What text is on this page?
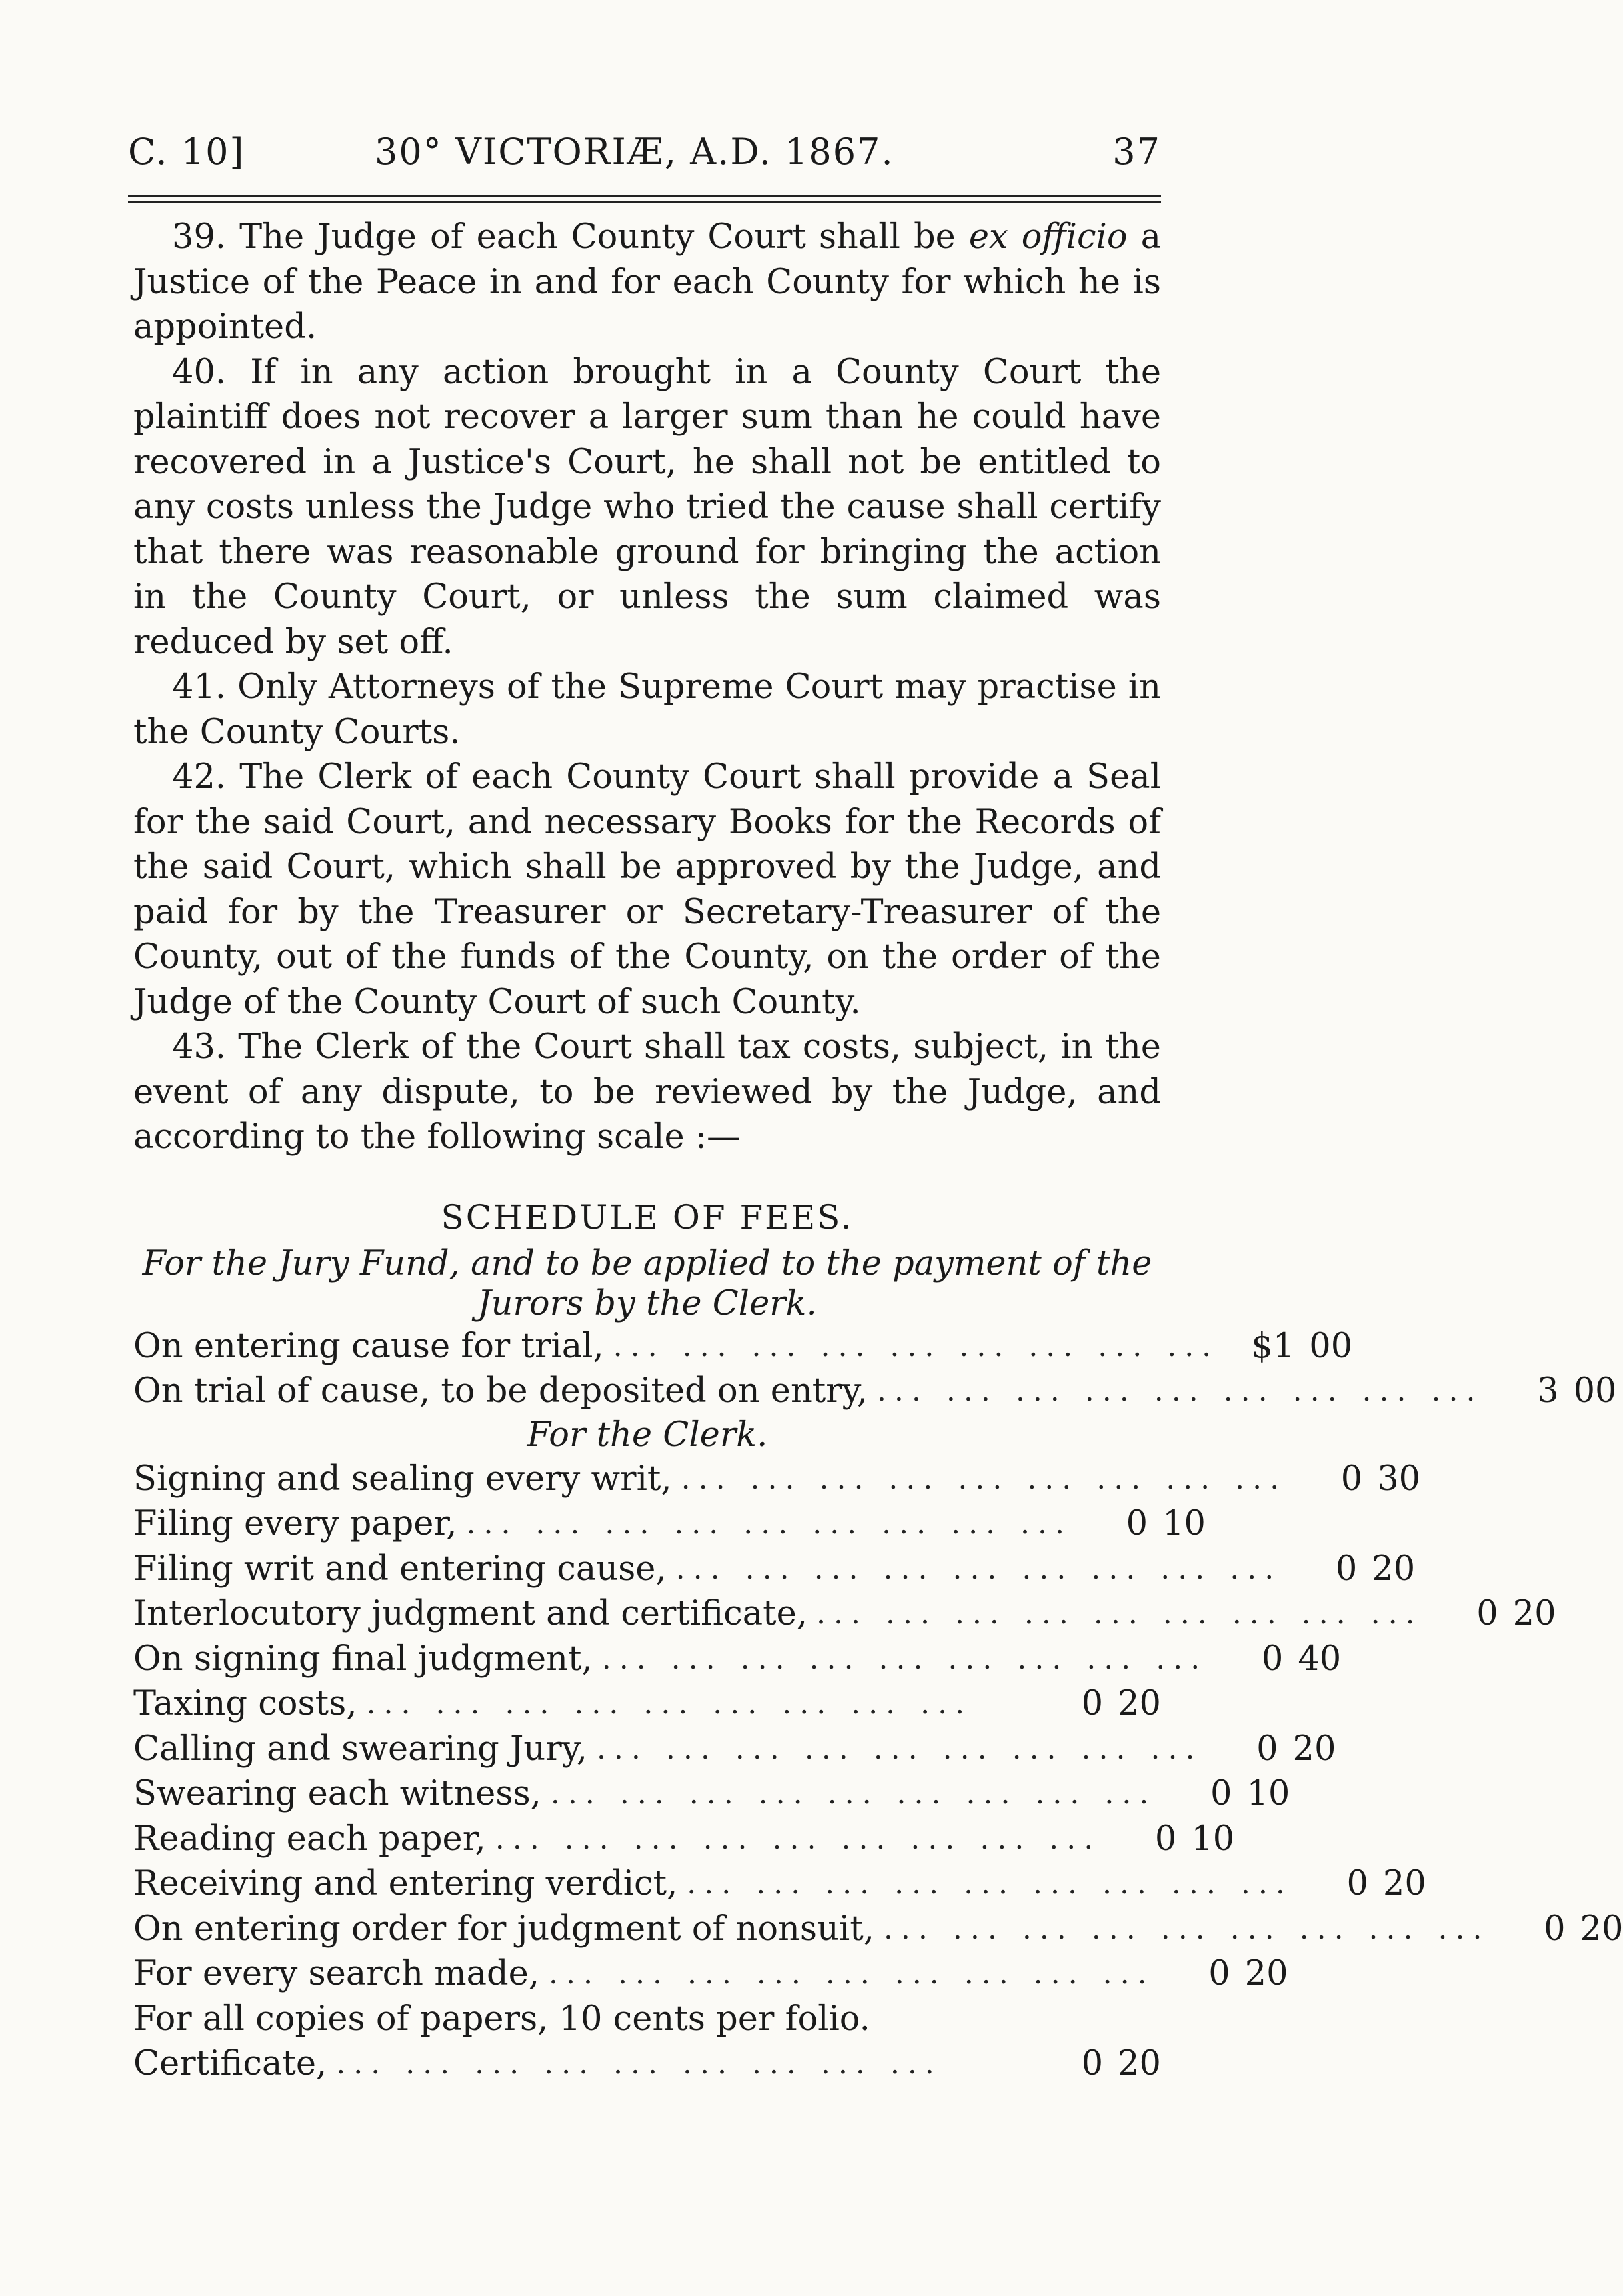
C. 10]	30° VICTORIÆ, A.D. 1867.	37

39. The Judge of each County Court shall be ex officio a Justice of the Peace in and for each County for which he is appointed.

40. If in any action brought in a County Court the plaintiff does not recover a larger sum than he could have recovered in a Justice's Court, he shall not be entitled to any costs unless the Judge who tried the cause shall certify that there was reasonable ground for bringing the action in the County Court, or unless the sum claimed was reduced by set off.

41. Only Attorneys of the Supreme Court may practise in the County Courts.

42. The Clerk of each County Court shall provide a Seal for the said Court, and necessary Books for the Records of the said Court, which shall be approved by the Judge, and paid for by the Treasurer or Secretary-Treasurer of the County, out of the funds of the County, on the order of the Judge of the County Court of such County.

43. The Clerk of the Court shall tax costs, subject, in the event of any dispute, to be reviewed by the Judge, and according to the following scale :—

SCHEDULE OF FEES.

For the Jury Fund, and to be applied to the payment of the Jurors by the Clerk.

On entering cause for trial, ... ... ... ... ... ... ... ... ... $1 00
On trial of cause, to be deposited on entry, ... ... ... ... ... ... ... ... ...	3 00
For the Clerk.
Signing and sealing every writ, ... ... ... ... ... ... ... ... ...	0 30
Filing every paper, ... ... ... ... ... ... ... ... ...	0 10
Filing writ and entering cause, ... ... ... ... ... ... ... ... ...	0 20
Interlocutory judgment and certificate, ... ... ... ... ... ... ... ... ...	0 20
On signing final judgment, ... ... ... ... ... ... ... ... ...	0 40
Taxing costs, ... ... ... ... ... ... ... ... ...	0 20
Calling and swearing Jury, ... ... ... ... ... ... ... ... ...	0 20
Swearing each witness, ... ... ... ... ... ... ... ... ...	0 10
Reading each paper, ... ... ... ... ... ... ... ... ...	0 10
Receiving and entering verdict, ... ... ... ... ... ... ... ... ...	0 20
On entering order for judgment of nonsuit, ... ... ... ... ... ... ... ... ...	0 20
For every search made, ... ... ... ... ... ... ... ... ...	0 20
For all copies of papers, 10 cents per folio.
Certificate, ... ... ... ... ... ... ... ... ...	0 20
